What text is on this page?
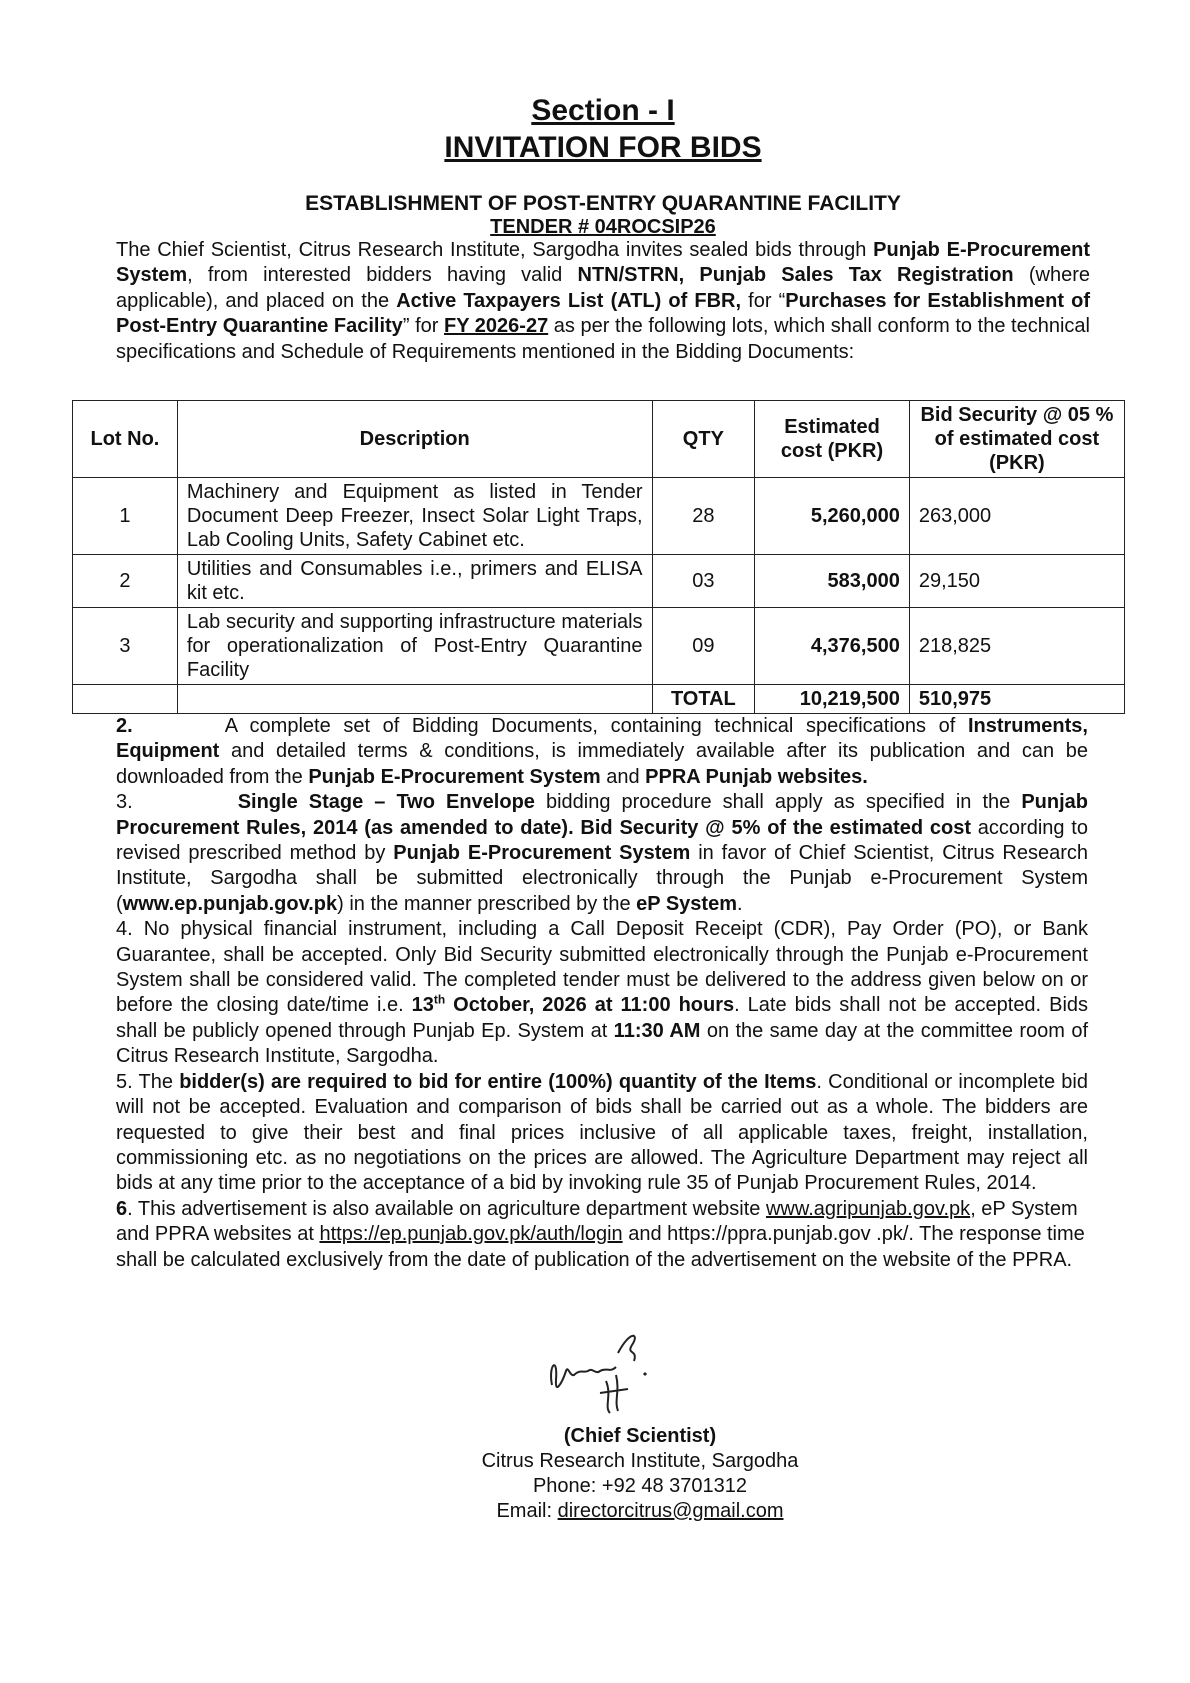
Section - I
INVITATION FOR BIDS
ESTABLISHMENT OF POST-ENTRY QUARANTINE FACILITY
TENDER # 04ROCSIP26
The Chief Scientist, Citrus Research Institute, Sargodha invites sealed bids through Punjab E-Procurement System, from interested bidders having valid NTN/STRN, Punjab Sales Tax Registration (where applicable), and placed on the Active Taxpayers List (ATL) of FBR, for “Purchases for Establishment of Post-Entry Quarantine Facility” for FY 2026-27 as per the following lots, which shall conform to the technical specifications and Schedule of Requirements mentioned in the Bidding Documents:
Lot No.	Description	QTY	Estimated cost (PKR)	Bid Security @ 05 % of estimated cost (PKR)
1	Machinery and Equipment as listed in Tender Document Deep Freezer, Insect Solar Light Traps, Lab Cooling Units, Safety Cabinet etc.	28	5,260,000	263,000
2	Utilities and Consumables i.e., primers and ELISA kit etc.	03	583,000	29,150
3	Lab security and supporting infrastructure materials for operationalization of Post-Entry Quarantine Facility	09	4,376,500	218,825
		TOTAL	10,219,500	510,975
2.	A complete set of Bidding Documents, containing technical specifications of Instruments, Equipment and detailed terms & conditions, is immediately available after its publication and can be downloaded from the Punjab E-Procurement System and PPRA Punjab websites.
3.	Single Stage – Two Envelope bidding procedure shall apply as specified in the Punjab Procurement Rules, 2014 (as amended to date). Bid Security @ 5% of the estimated cost according to revised prescribed method by Punjab E-Procurement System in favor of Chief Scientist, Citrus Research Institute, Sargodha shall be submitted electronically through the Punjab e-Procurement System (www.ep.punjab.gov.pk) in the manner prescribed by the eP System.
4. No physical financial instrument, including a Call Deposit Receipt (CDR), Pay Order (PO), or Bank Guarantee, shall be accepted. Only Bid Security submitted electronically through the Punjab e-Procurement System shall be considered valid. The completed tender must be delivered to the address given below on or before the closing date/time i.e. 13th October, 2026 at 11:00 hours. Late bids shall not be accepted. Bids shall be publicly opened through Punjab Ep. System at 11:30 AM on the same day at the committee room of Citrus Research Institute, Sargodha.
5. The bidder(s) are required to bid for entire (100%) quantity of the Items. Conditional or incomplete bid will not be accepted. Evaluation and comparison of bids shall be carried out as a whole. The bidders are requested to give their best and final prices inclusive of all applicable taxes, freight, installation, commissioning etc. as no negotiations on the prices are allowed. The Agriculture Department may reject all bids at any time prior to the acceptance of a bid by invoking rule 35 of Punjab Procurement Rules, 2014.
6. This advertisement is also available on agriculture department website www.agripunjab.gov.pk, eP System and PPRA websites at https://ep.punjab.gov.pk/auth/login and https://ppra.punjab.gov .pk/. The response time shall be calculated exclusively from the date of publication of the advertisement on the website of the PPRA.
(Chief Scientist)
Citrus Research Institute, Sargodha
Phone: +92 48 3701312
Email: directorcitrus@gmail.com
